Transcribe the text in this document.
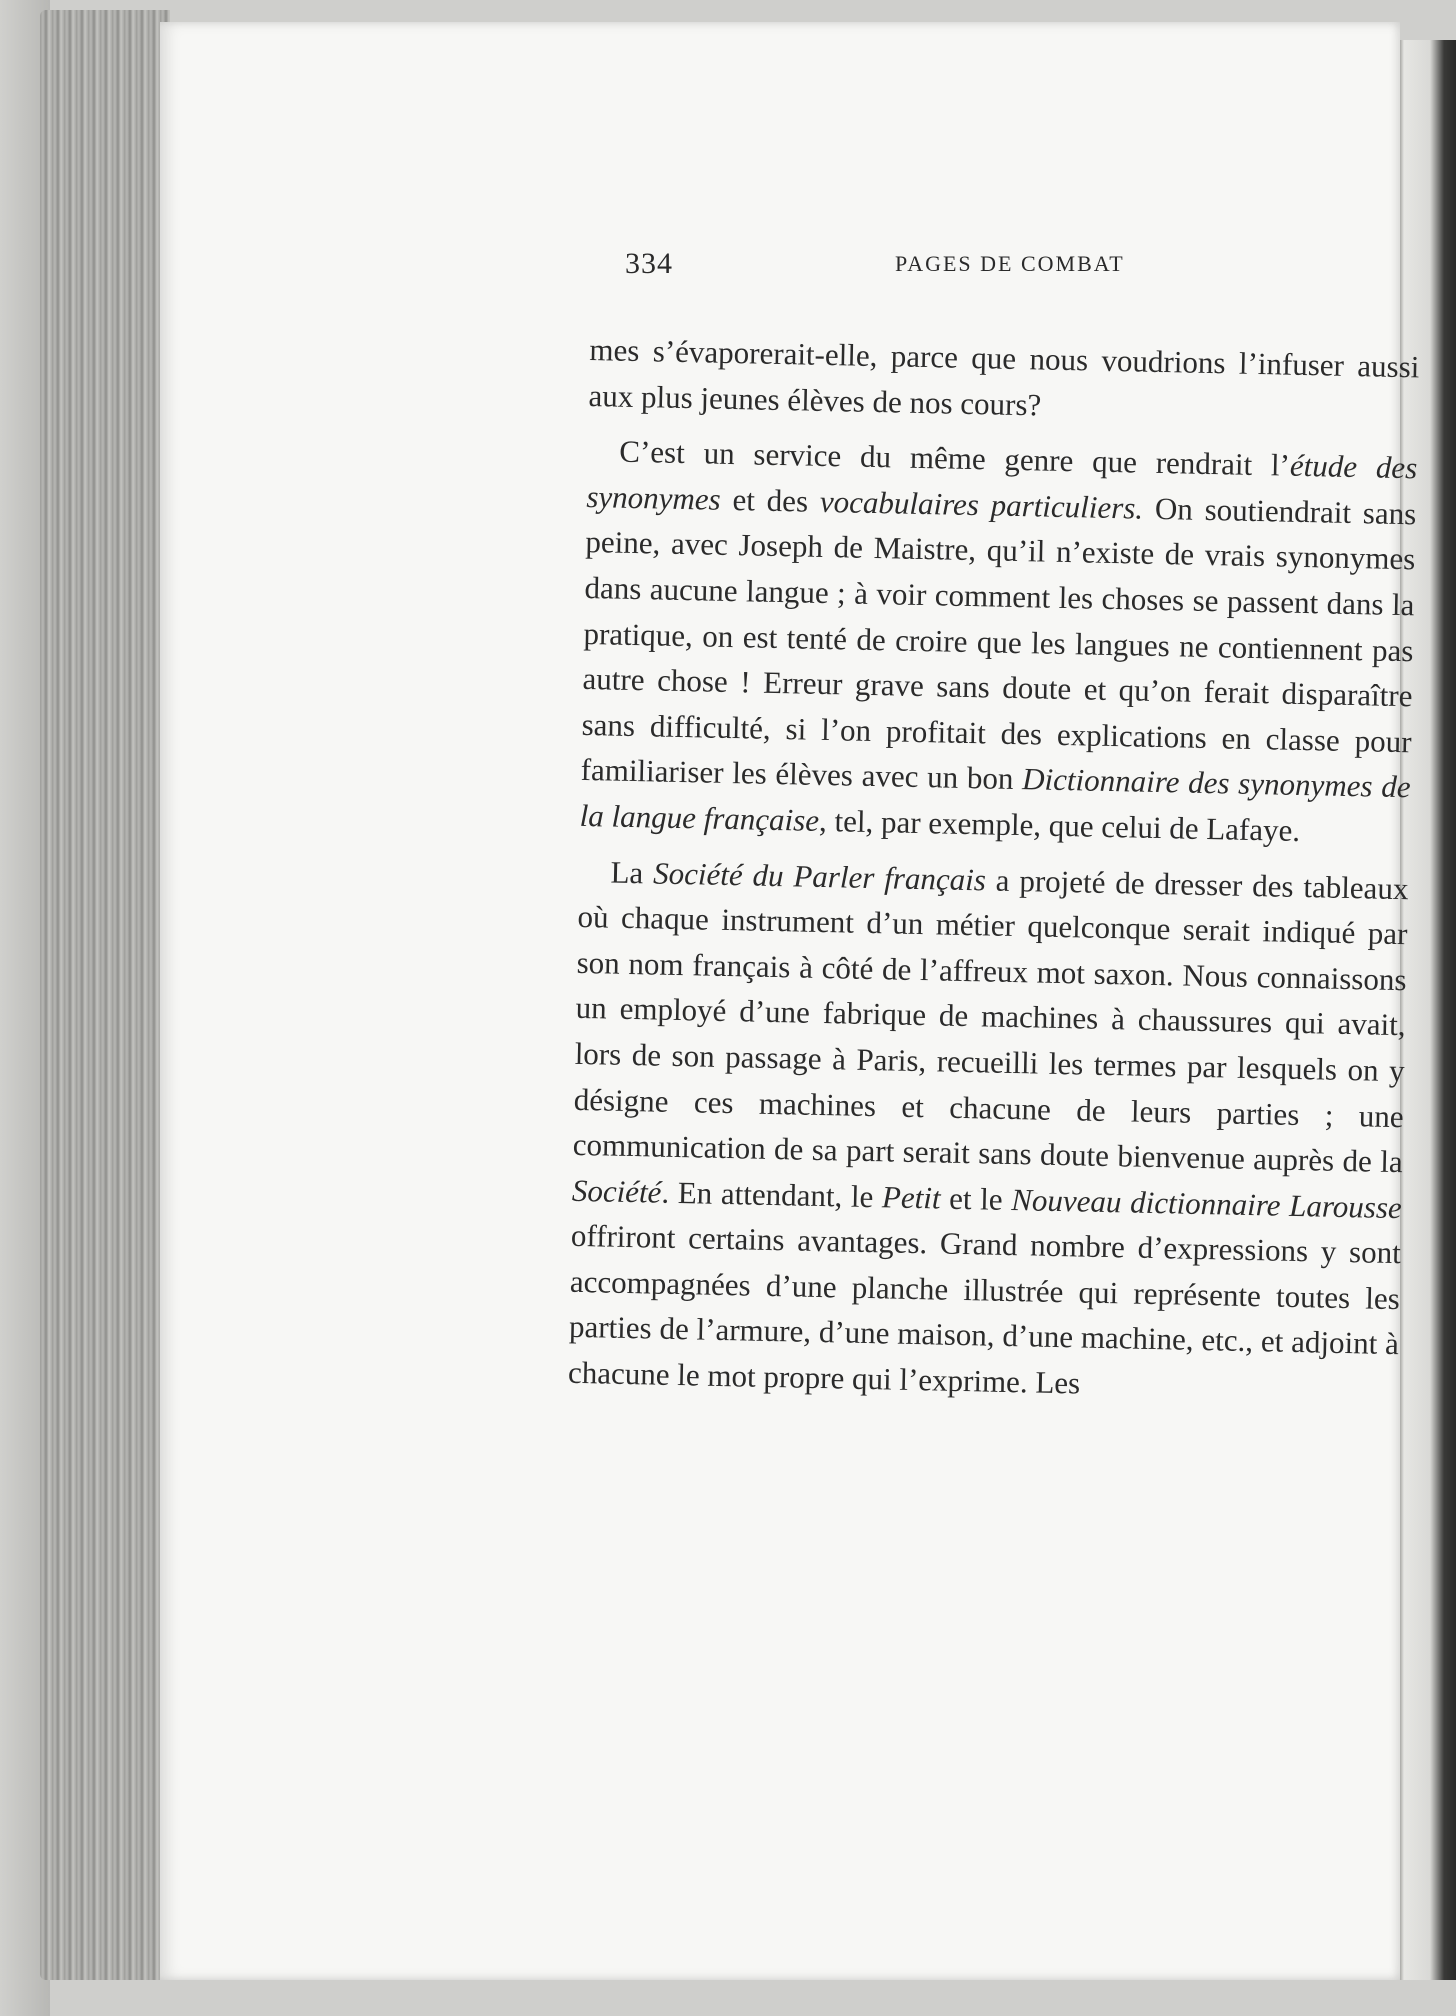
334	PAGES DE COMBAT

mes s’évaporerait-elle, parce que nous voudrions l’infuser aussi aux plus jeunes élèves de nos cours?

C’est un service du même genre que rendrait l’étude des synonymes et des vocabulaires particuliers. On soutiendrait sans peine, avec Joseph de Maistre, qu’il n’existe de vrais synonymes dans aucune langue ; à voir comment les choses se passent dans la pratique, on est tenté de croire que les langues ne contiennent pas autre chose ! Erreur grave sans doute et qu’on ferait disparaître sans difficulté, si l’on profitait des explications en classe pour familiariser les élèves avec un bon Dictionnaire des synonymes de la langue française, tel, par exemple, que celui de Lafaye.

La Société du Parler français a projeté de dresser des tableaux où chaque instrument d’un métier quelconque serait indiqué par son nom français à côté de l’affreux mot saxon. Nous connaissons un employé d’une fabrique de machines à chaussures qui avait, lors de son passage à Paris, recueilli les termes par lesquels on y désigne ces machines et chacune de leurs parties ; une communication de sa part serait sans doute bienvenue auprès de la Société. En attendant, le Petit et le Nouveau dictionnaire Larousse offriront certains avantages. Grand nombre d’expressions y sont accompagnées d’une planche illustrée qui représente toutes les parties de l’armure, d’une maison, d’une machine, etc., et adjoint à chacune le mot propre qui l’exprime. Les
